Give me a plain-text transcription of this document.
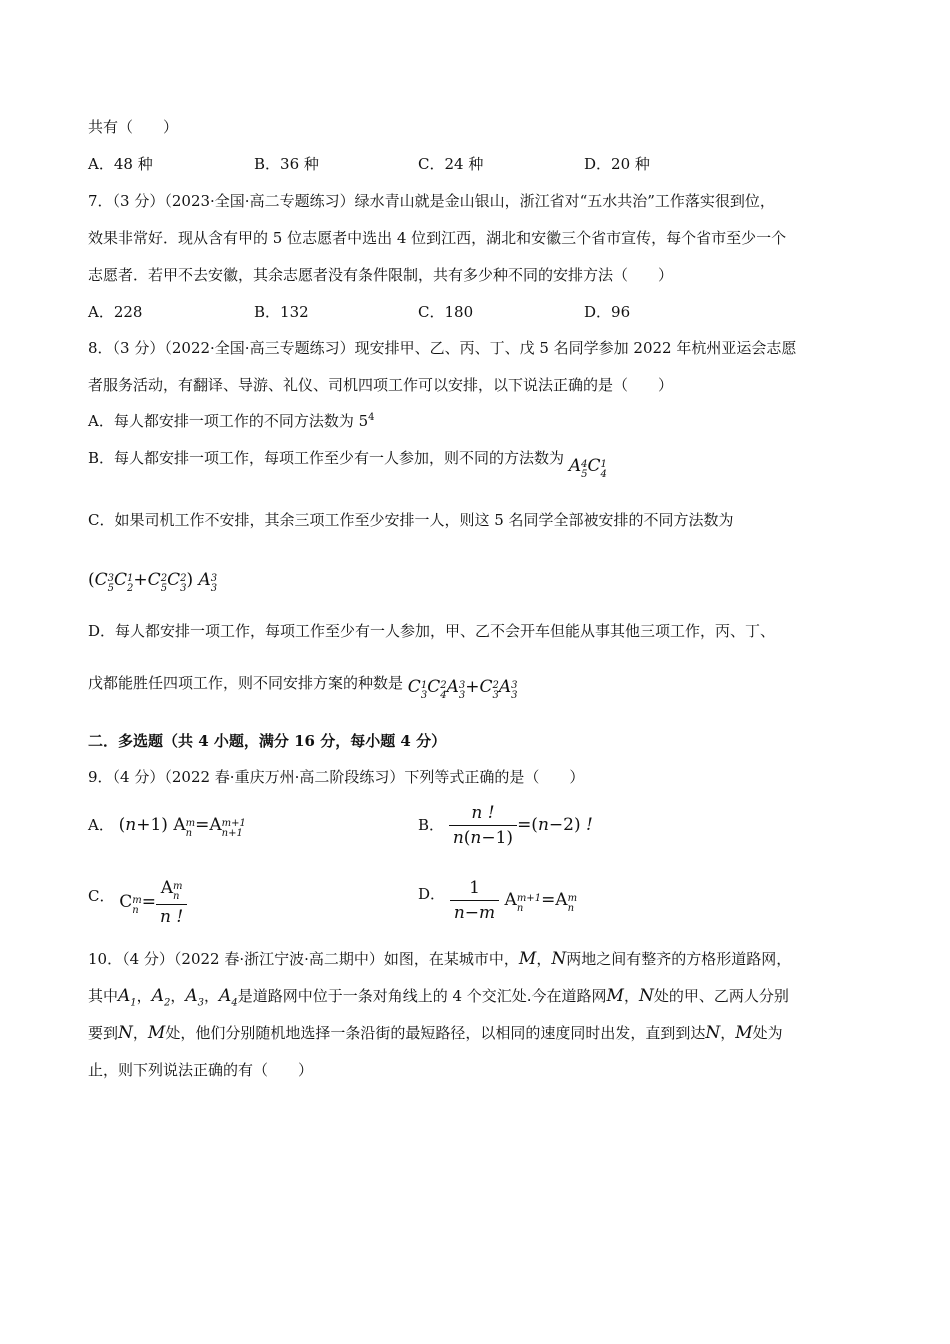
共有（　　）
A．48 种	B．36 种	C．24 种	D．20 种
7．（3 分）（2023·全国·高二专题练习）绿水青山就是金山银山，浙江省对“五水共治”工作落实很到位，
效果非常好．现从含有甲的 5 位志愿者中选出 4 位到江西，湖北和安徽三个省市宣传，每个省市至少一个
志愿者．若甲不去安徽，其余志愿者没有条件限制，共有多少种不同的安排方法（　　）
A．228	B．132	C．180	D．96
8．（3 分）（2022·全国·高三专题练习）现安排甲、乙、丙、丁、戊 5 名同学参加 2022 年杭州亚运会志愿
者服务活动，有翻译、导游、礼仪、司机四项工作可以安排，以下说法正确的是（　　）
A．每人都安排一项工作的不同方法数为 $5^4$
B．每人都安排一项工作，每项工作至少有一人参加，则不同的方法数为 A 4
5 C 1
4
C．如果司机工作不安排，其余三项工作至少安排一人，则这 5 名同学全部被安排的不同方法数为
(C 3
5 C 1
2 +C 2
5 C 2
3 ) A 3
3
D．每人都安排一项工作，每项工作至少有一人参加，甲、乙不会开车但能从事其他三项工作，丙、丁、
戊都能胜任四项工作，则不同安排方案的种数是 C 1
3 C 2
4 A 3
3 +C 2
3 A 3
3
二．多选题（共 4 小题，满分 16 分，每小题 4 分）
9．（4 分）（2022 春·重庆万州·高二阶段练习）下列等式正确的是（　　）
A． (n+1) A m
n =A m+1
n+1	B． $\frac{n !}{n(n-1)} =(n-2)$ !
C． C m
n = A m
n
n !	D． $\frac{1}{n-m}$ A m+1
n	=A m
n
10．（4 分）（2022 春·浙江宁波·高二期中）如图，在某城市中，M，N两地之间有整齐的方格形道路网，
其中$A_1$，$A_2$，$A_3$，$A_4$是道路网中位于一条对角线上的 4 个交汇处.今在道路网M，N处的甲、乙两人分别
要到N，M处，他们分别随机地选择一条沿街的最短路径，以相同的速度同时出发，直到到达N，M处为
止，则下列说法正确的有（　　）
